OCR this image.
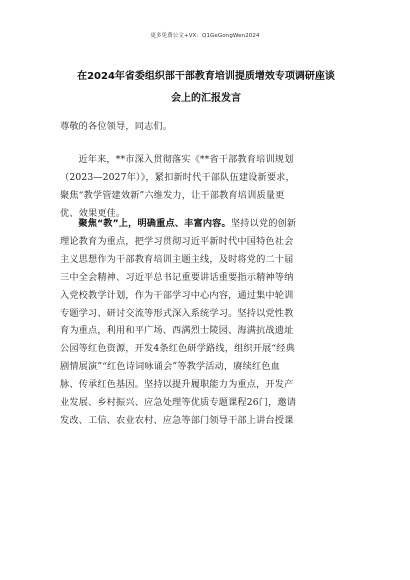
更多免费公文+VX：Q1GeGongWen2024
在2024年省委组织部干部教育培训提质增效专项调研座谈
会上的汇报发言
尊敬的各位领导，同志们。
近年来，**市深入贯彻落实《**省干部教育培训规划
（2023—2027年）》，紧扣新时代干部队伍建设新要求，
聚焦“教学管建效新”六维发力，让干部教育培训质量更
优、效果更佳。
聚焦“教”上，明确重点、丰富内容。坚持以党的创新
理论教育为重点，把学习贯彻习近平新时代中国特色社会
主义思想作为干部教育培训主题主线，及时将党的二十届
三中全会精神、习近平总书记重要讲话重要指示精神等纳
入党校教学计划，作为干部学习中心内容，通过集中轮训
专题学习、研讨交流等形式深入系统学习。坚持以党性教
育为重点，利用和平广场、西满烈士陵园、海满抗战遗址
公园等红色资源，开发4条红色研学路线，组织开展“经典
剧情展演”“红色诗词咏诵会”等教学活动，赓续红色血
脉、传承红色基因。坚持以提升履职能力为重点，开发产
业发展、乡村振兴、应急处理等优质专题课程26门，邀请
发改、工信、农业农村、应急等部门领导干部上讲台授课
